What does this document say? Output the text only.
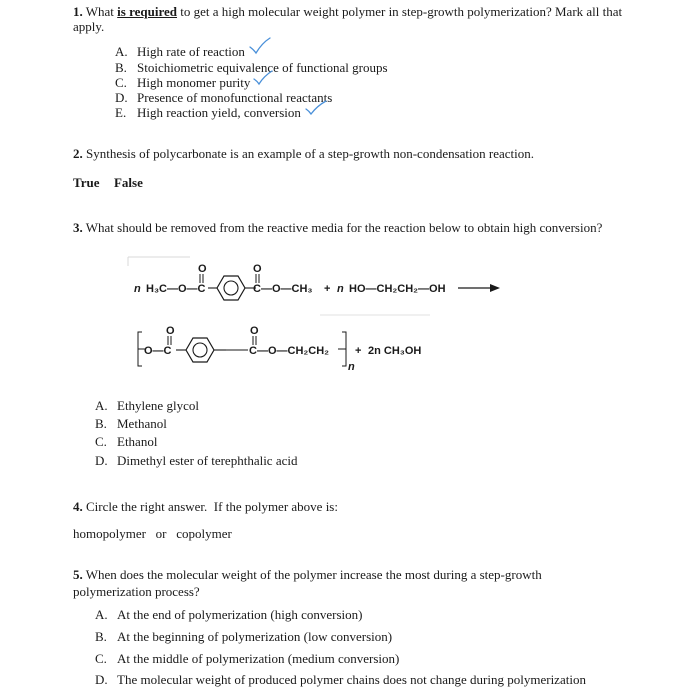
1. What is required to get a high molecular weight polymer in step-growth polymerization? Mark all that
apply.
A. High rate of reaction
B. Stoichiometric equivalence of functional groups
C. High monomer purity
D. Presence of monofunctional reactants
E. High reaction yield, conversion
2. Synthesis of polycarbonate is an example of a step-growth non-condensation reaction.
True False
3. What should be removed from the reactive media for the reaction below to obtain high conversion?
n H₃C—O—C
O	O
C—O—CH₃ + n HO—CH₂CH₂—OH
O—C
O	O
C—O—CH₂CH₂
n
+ 2n CH₃OH
A. Ethylene glycol
B. Methanol
C. Ethanol
D. Dimethyl ester of terephthalic acid
4. Circle the right answer.  If the polymer above is:
homopolymer   or   copolymer
5. When does the molecular weight of the polymer increase the most during a step-growth
polymerization process?
A. At the end of polymerization (high conversion)
B. At the beginning of polymerization (low conversion)
C. At the middle of polymerization (medium conversion)
D. The molecular weight of produced polymer chains does not change during polymerization
